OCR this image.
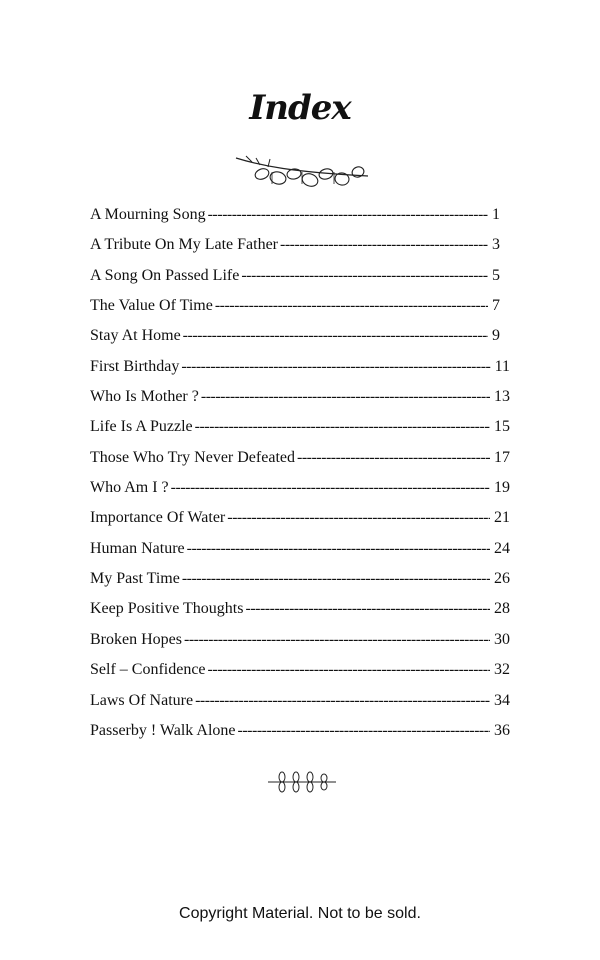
Index
A Mourning Song -----	1
A Tribute On My Late Father -----	3
A Song On Passed Life -----	5
The Value Of Time -----	7
Stay At Home -----	9
First Birthday -----	11
Who Is Mother ? -----	13
Life Is A Puzzle -----	15
Those Who Try Never Defeated -----	17
Who Am I ? -----	19
Importance Of Water -----	21
Human Nature -----	24
My Past Time -----	26
Keep Positive Thoughts -----	28
Broken Hopes -----	30
Self – Confidence -----	32
Laws Of Nature -----	34
Passerby ! Walk Alone -----	36
Copyright Material. Not to be sold.
